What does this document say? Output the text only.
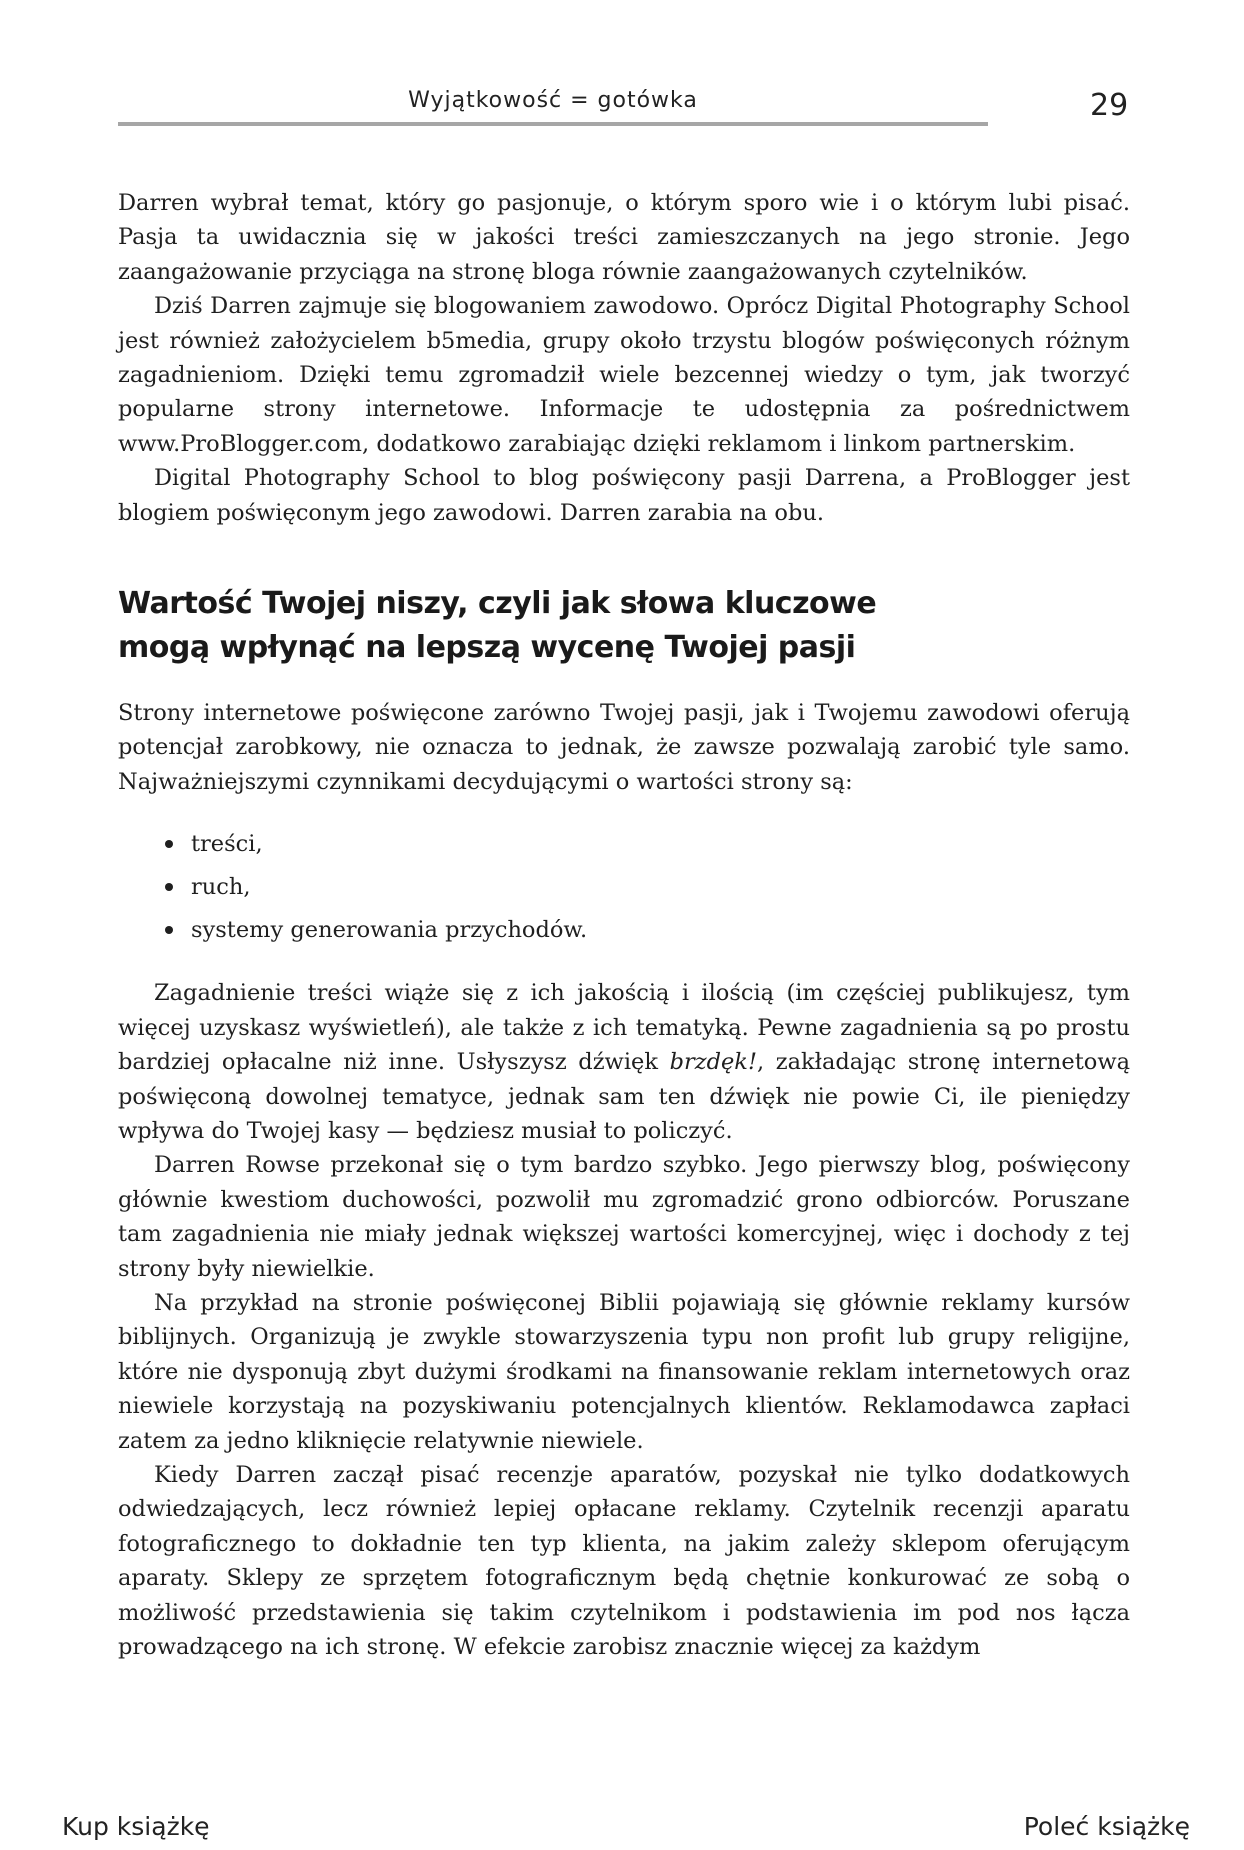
Wyjątkowość = gotówka	29

Darren wybrał temat, który go pasjonuje, o którym sporo wie i o którym lubi pisać. Pasja ta uwidacznia się w jakości treści zamieszczanych na jego stronie. Jego zaangażowanie przyciąga na stronę bloga równie zaangażowanych czytelników.

Dziś Darren zajmuje się blogowaniem zawodowo. Oprócz Digital Photography School jest również założycielem b5media, grupy około trzystu blogów poświęconych różnym zagadnieniom. Dzięki temu zgromadził wiele bezcennej wiedzy o tym, jak tworzyć popularne strony internetowe. Informacje te udostępnia za pośrednictwem www.ProBlogger.com, dodatkowo zarabiając dzięki reklamom i linkom partnerskim.

Digital Photography School to blog poświęcony pasji Darrena, a ProBlogger jest blogiem poświęconym jego zawodowi. Darren zarabia na obu.

Wartość Twojej niszy, czyli jak słowa kluczowe
mogą wpłynąć na lepszą wycenę Twojej pasji

Strony internetowe poświęcone zarówno Twojej pasji, jak i Twojemu zawodowi oferują potencjał zarobkowy, nie oznacza to jednak, że zawsze pozwalają zarobić tyle samo. Najważniejszymi czynnikami decydującymi o wartości strony są:

treści,
ruch,
systemy generowania przychodów.

Zagadnienie treści wiąże się z ich jakością i ilością (im częściej publikujesz, tym więcej uzyskasz wyświetleń), ale także z ich tematyką. Pewne zagadnienia są po prostu bardziej opłacalne niż inne. Usłyszysz dźwięk brzdęk!, zakładając stronę internetową poświęconą dowolnej tematyce, jednak sam ten dźwięk nie powie Ci, ile pieniędzy wpływa do Twojej kasy — będziesz musiał to policzyć.

Darren Rowse przekonał się o tym bardzo szybko. Jego pierwszy blog, poświęcony głównie kwestiom duchowości, pozwolił mu zgromadzić grono odbiorców. Poruszane tam zagadnienia nie miały jednak większej wartości komercyjnej, więc i dochody z tej strony były niewielkie.

Na przykład na stronie poświęconej Biblii pojawiają się głównie reklamy kursów biblijnych. Organizują je zwykle stowarzyszenia typu non profit lub grupy religijne, które nie dysponują zbyt dużymi środkami na finansowanie reklam internetowych oraz niewiele korzystają na pozyskiwaniu potencjalnych klientów. Reklamodawca zapłaci zatem za jedno kliknięcie relatywnie niewiele.

Kiedy Darren zaczął pisać recenzje aparatów, pozyskał nie tylko dodatkowych odwiedzających, lecz również lepiej opłacane reklamy. Czytelnik recenzji aparatu fotograficznego to dokładnie ten typ klienta, na jakim zależy sklepom oferującym aparaty. Sklepy ze sprzętem fotograficznym będą chętnie konkurować ze sobą o możliwość przedstawienia się takim czytelnikom i podstawienia im pod nos łącza prowadzącego na ich stronę. W efekcie zarobisz znacznie więcej za każdym

Kup książkę	Poleć książkę
